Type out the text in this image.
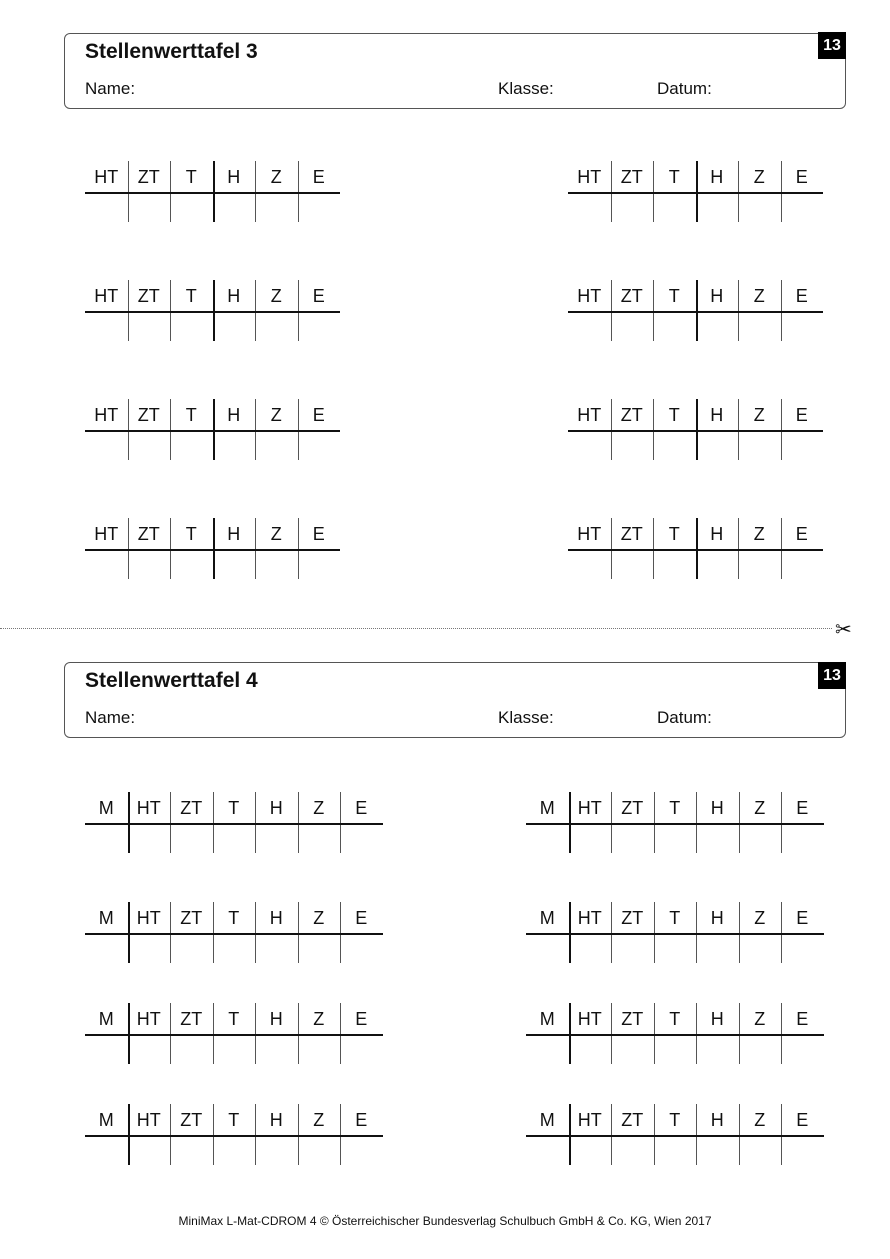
Stellenwerttafel 3
Name:	Klasse:	Datum:
13
HT	ZT	T	H	Z	E	HT	ZT	T	H	Z	E
HT	ZT	T	H	Z	E	HT	ZT	T	H	Z	E
HT	ZT	T	H	Z	E	HT	ZT	T	H	Z	E
HT	ZT	T	H	Z	E	HT	ZT	T	H	Z	E
✂
Stellenwerttafel 4
Name:	Klasse:	Datum:
13
M	HT	ZT	T	H	Z	E	M	HT	ZT	T	H	Z	E
M	HT	ZT	T	H	Z	E	M	HT	ZT	T	H	Z	E
M	HT	ZT	T	H	Z	E	M	HT	ZT	T	H	Z	E
M	HT	ZT	T	H	Z	E	M	HT	ZT	T	H	Z	E
MiniMax L-Mat-CDROM 4 © Österreichischer Bundesverlag Schulbuch GmbH & Co. KG, Wien 2017
